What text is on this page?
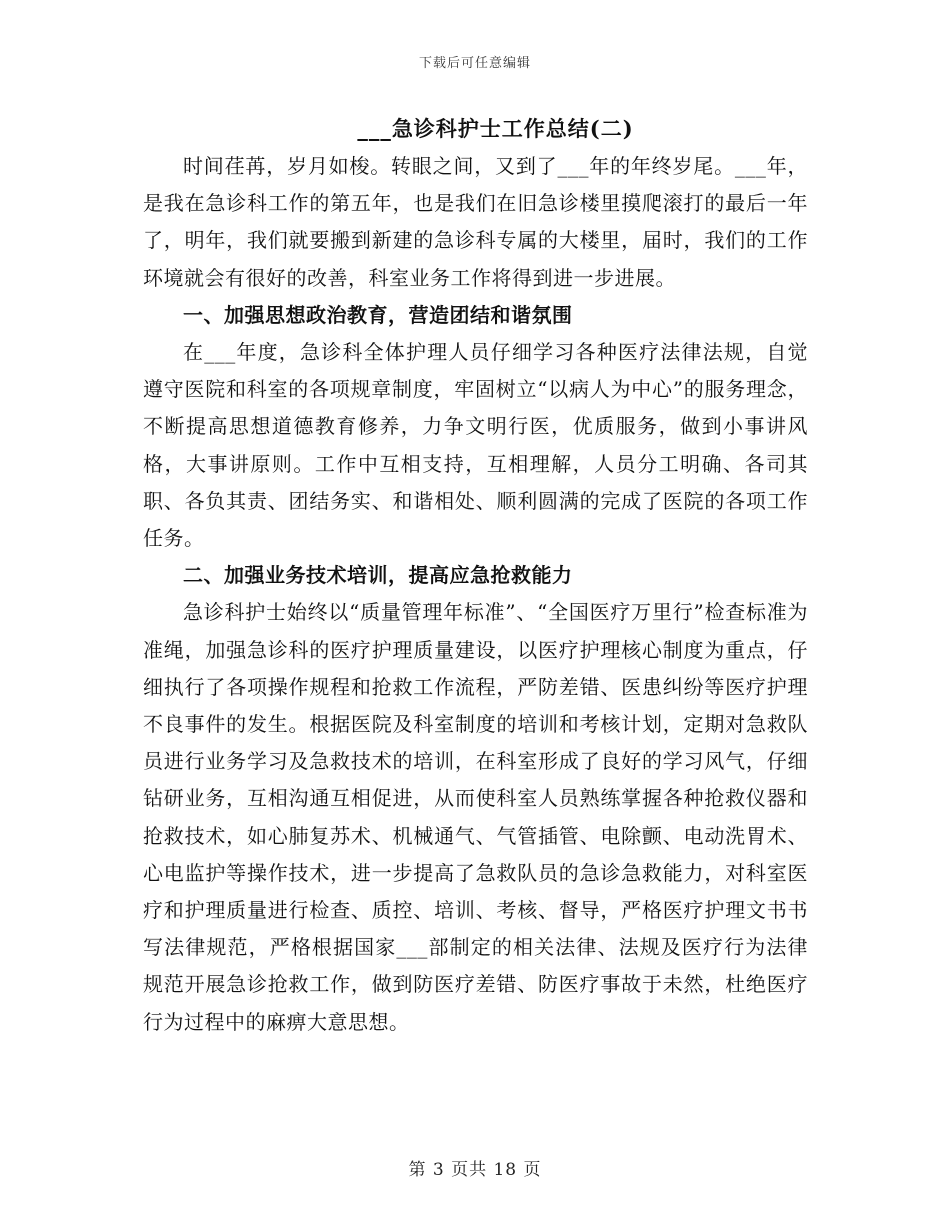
下载后可任意编辑
___急诊科护士工作总结(二)

时间荏苒，岁月如梭。转眼之间，又到了___年的年终岁尾。___年，是我在急诊科工作的第五年，也是我们在旧急诊楼里摸爬滚打的最后一年了，明年，我们就要搬到新建的急诊科专属的大楼里，届时，我们的工作环境就会有很好的改善，科室业务工作将得到进一步进展。

一、加强思想政治教育，营造团结和谐氛围

在___年度，急诊科全体护理人员仔细学习各种医疗法律法规，自觉遵守医院和科室的各项规章制度，牢固树立“以病人为中心”的服务理念，不断提高思想道德教育修养，力争文明行医，优质服务，做到小事讲风格，大事讲原则。工作中互相支持，互相理解，人员分工明确、各司其职、各负其责、团结务实、和谐相处、顺利圆满的完成了医院的各项工作任务。

二、加强业务技术培训，提高应急抢救能力

急诊科护士始终以“质量管理年标准”、“全国医疗万里行”检查标准为准绳，加强急诊科的医疗护理质量建设，以医疗护理核心制度为重点，仔细执行了各项操作规程和抢救工作流程，严防差错、医患纠纷等医疗护理不良事件的发生。根据医院及科室制度的培训和考核计划，定期对急救队员进行业务学习及急救技术的培训，在科室形成了良好的学习风气，仔细钻研业务，互相沟通互相促进，从而使科室人员熟练掌握各种抢救仪器和抢救技术，如心肺复苏术、机械通气、气管插管、电除颤、电动洗胃术、心电监护等操作技术，进一步提高了急救队员的急诊急救能力，对科室医疗和护理质量进行检查、质控、培训、考核、督导，严格医疗护理文书书写法律规范，严格根据国家___部制定的相关法律、法规及医疗行为法律规范开展急诊抢救工作，做到防医疗差错、防医疗事故于未然，杜绝医疗行为过程中的麻痹大意思想。

第 3 页共 18 页
